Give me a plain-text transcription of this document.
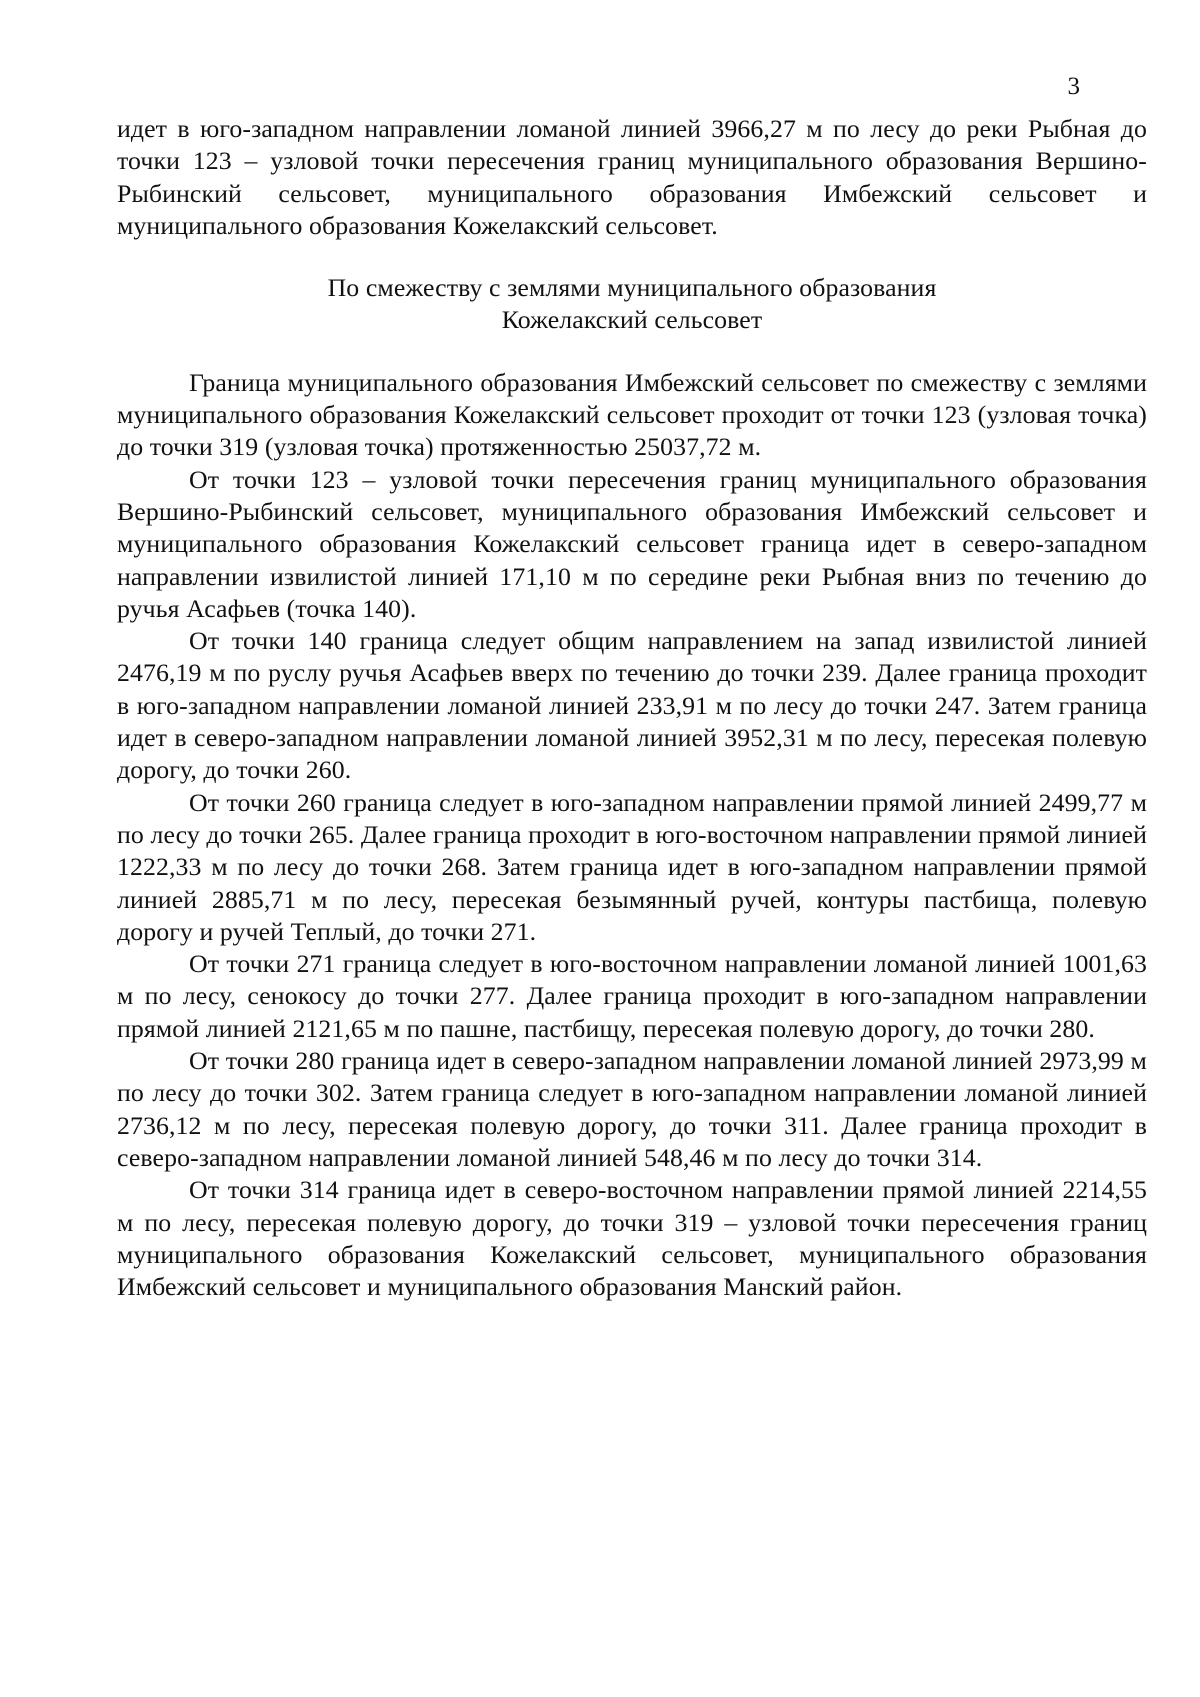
3

идет в юго-западном направлении ломаной линией 3966,27 м по лесу до реки Рыбная до точки 123 – узловой точки пересечения границ муниципального образования Вершино-Рыбинский сельсовет, муниципального образования Имбежский сельсовет и муниципального образования Кожелакский сельсовет.

По смежеству с землями муниципального образования
Кожелакский сельсовет

Граница муниципального образования Имбежский сельсовет по смежеству с землями муниципального образования Кожелакский сельсовет проходит от точки 123 (узловая точка) до точки 319 (узловая точка) протяженностью 25037,72 м.

От точки 123 – узловой точки пересечения границ муниципального образования Вершино-Рыбинский сельсовет, муниципального образования Имбежский сельсовет и муниципального образования Кожелакский сельсовет граница идет в северо-западном направлении извилистой линией 171,10 м по середине реки Рыбная вниз по течению до ручья Асафьев (точка 140).

От точки 140 граница следует общим направлением на запад извилистой линией 2476,19 м по руслу ручья Асафьев вверх по течению до точки 239. Далее граница проходит в юго-западном направлении ломаной линией 233,91 м по лесу до точки 247. Затем граница идет в северо-западном направлении ломаной линией 3952,31 м по лесу, пересекая полевую дорогу, до точки 260.

От точки 260 граница следует в юго-западном направлении прямой линией 2499,77 м по лесу до точки 265. Далее граница проходит в юго-восточном направлении прямой линией 1222,33 м по лесу до точки 268. Затем граница идет в юго-западном направлении прямой линией 2885,71 м по лесу, пересекая безымянный ручей, контуры пастбища, полевую дорогу и ручей Теплый, до точки 271.

От точки 271 граница следует в юго-восточном направлении ломаной линией 1001,63 м по лесу, сенокосу до точки 277. Далее граница проходит в юго-западном направлении прямой линией 2121,65 м по пашне, пастбищу, пересекая полевую дорогу, до точки 280.

От точки 280 граница идет в северо-западном направлении ломаной линией 2973,99 м по лесу до точки 302. Затем граница следует в юго-западном направлении ломаной линией 2736,12 м по лесу, пересекая полевую дорогу, до точки 311. Далее граница проходит в северо-западном направлении ломаной линией 548,46 м по лесу до точки 314.

От точки 314 граница идет в северо-восточном направлении прямой линией 2214,55 м по лесу, пересекая полевую дорогу, до точки 319 – узловой точки пересечения границ муниципального образования Кожелакский сельсовет, муниципального образования Имбежский сельсовет и муниципального образования Манский район.
